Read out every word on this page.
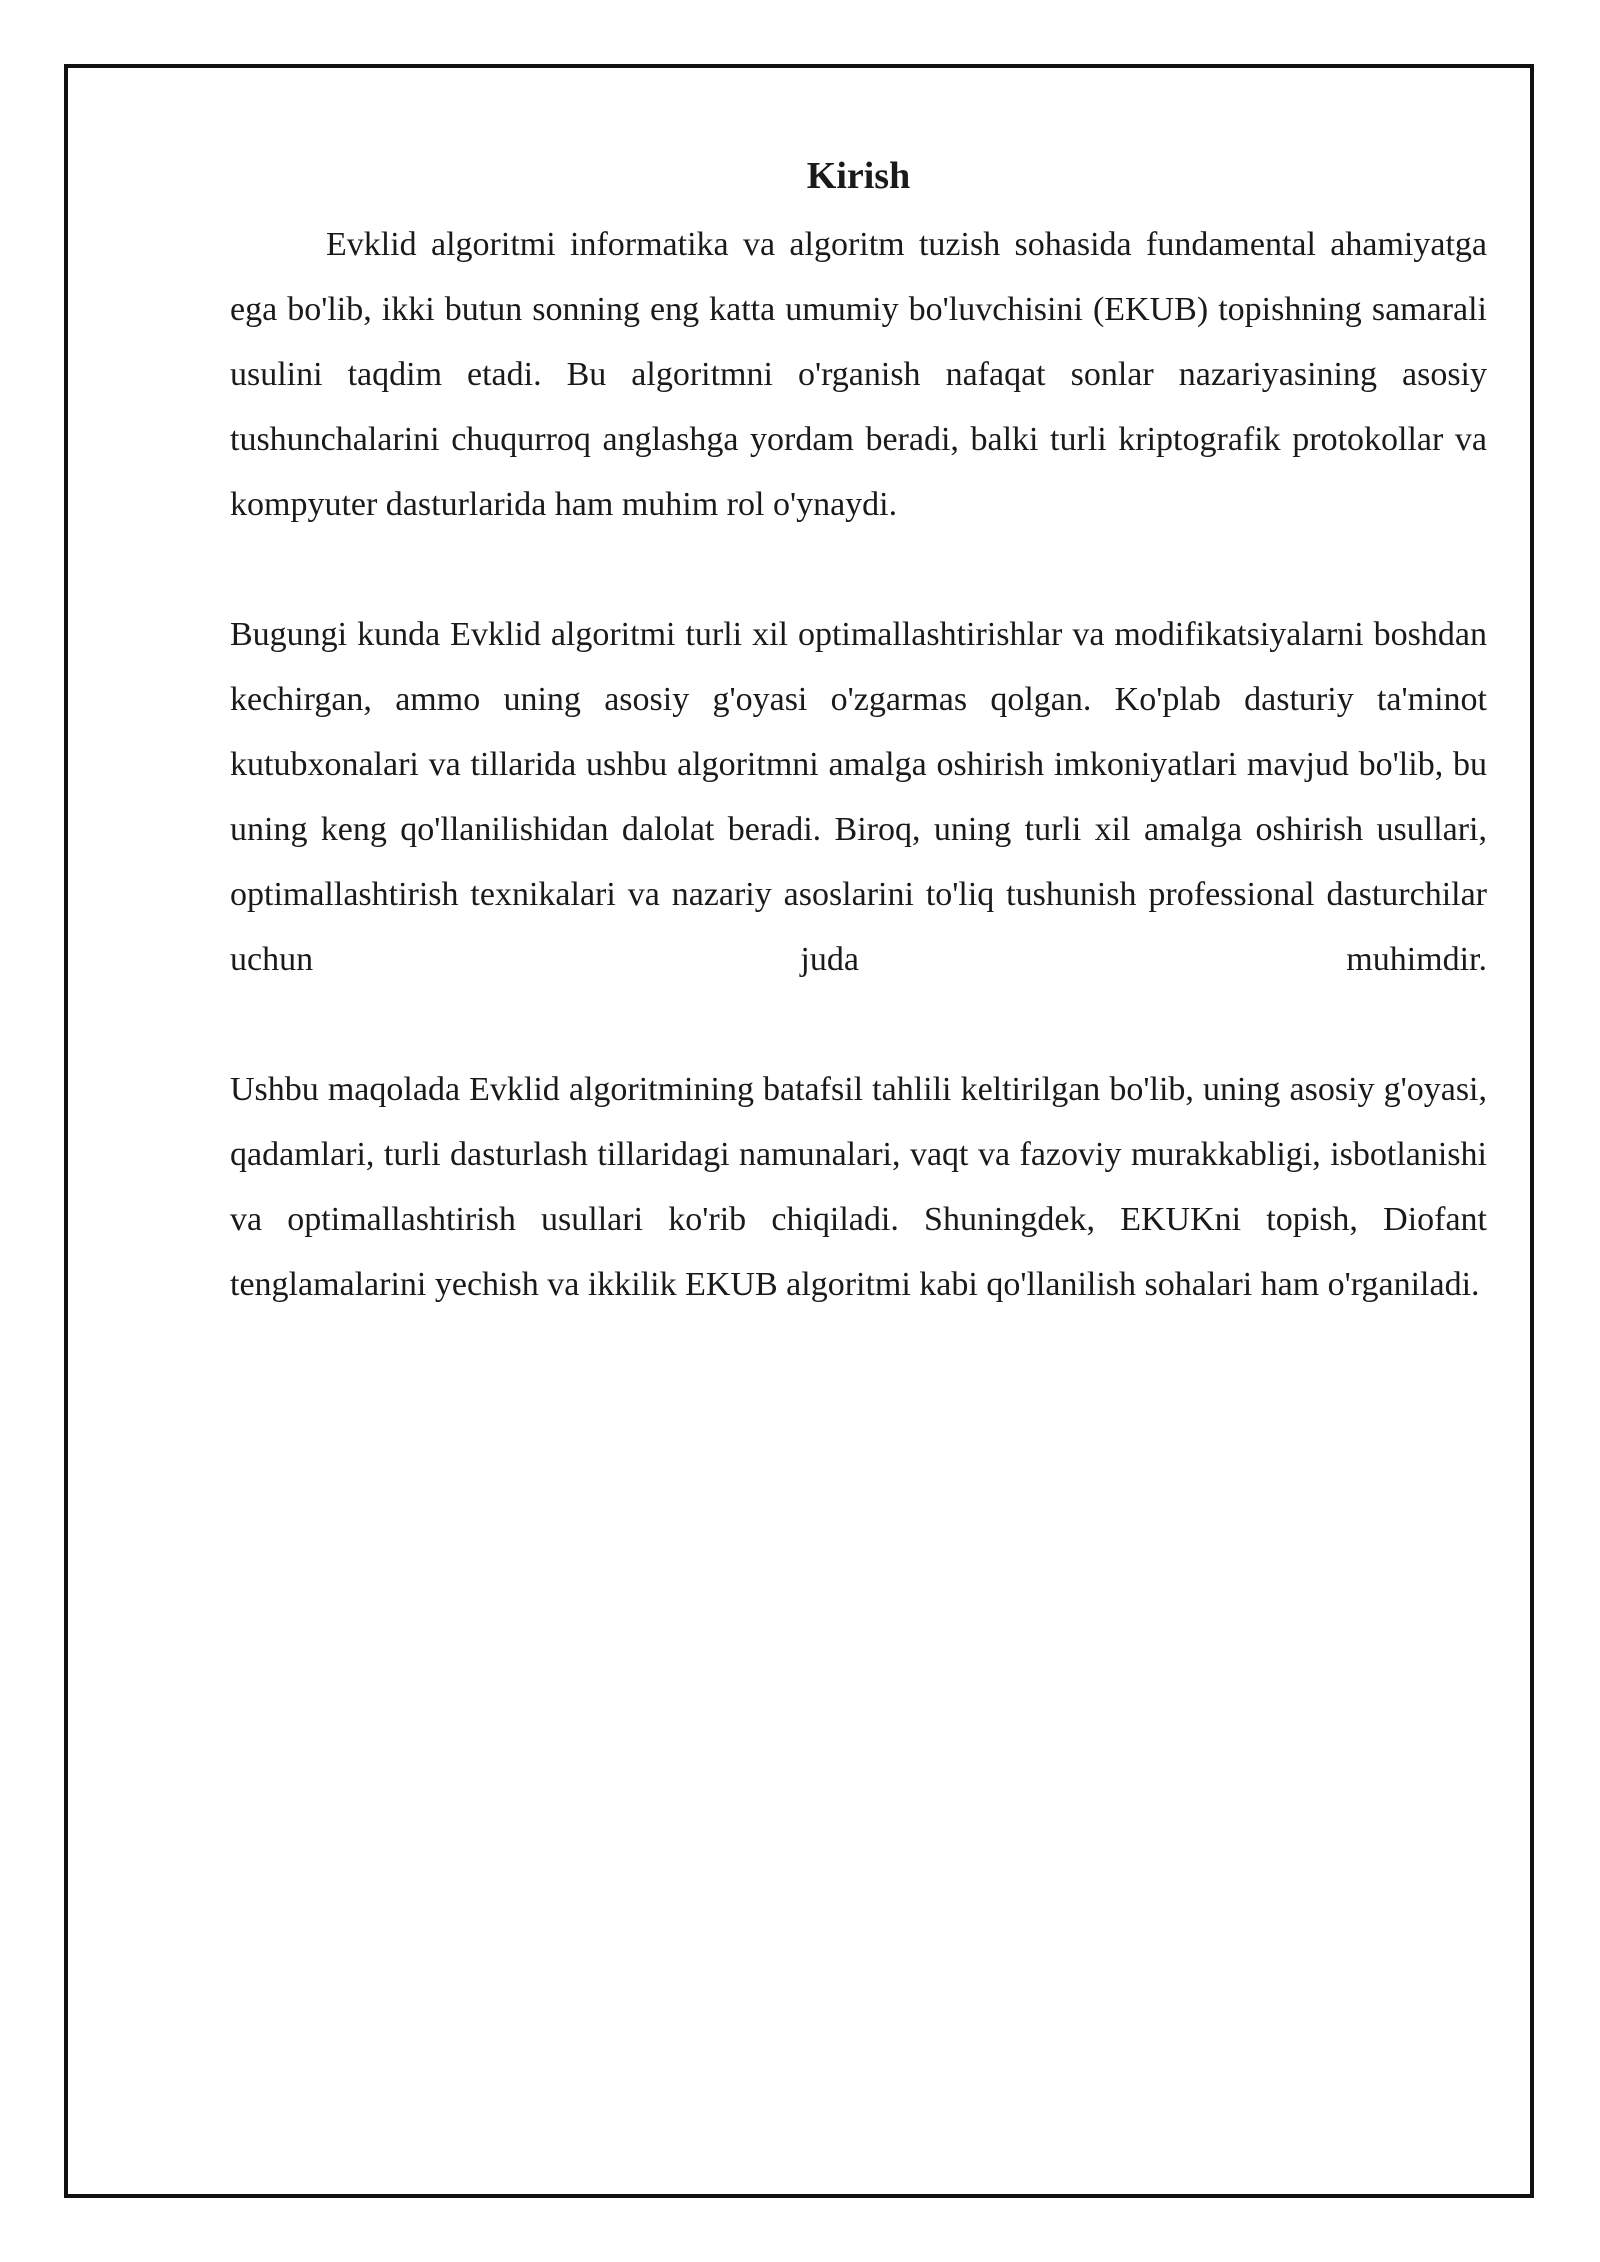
Kirish

Evklid algoritmi informatika va algoritm tuzish sohasida fundamental ahamiyatga ega bo'lib, ikki butun sonning eng katta umumiy bo'luvchisini (EKUB) topishning samarali usulini taqdim etadi. Bu algoritmni o'rganish nafaqat sonlar nazariyasining asosiy tushunchalarini chuqurroq anglashga yordam beradi, balki turli kriptografik protokollar va kompyuter dasturlarida ham muhim rol o'ynaydi.

Bugungi kunda Evklid algoritmi turli xil optimallashtirishlar va modifikatsiyalarni boshdan kechirgan, ammo uning asosiy g'oyasi o'zgarmas qolgan. Ko'plab dasturiy ta'minot kutubxonalari va tillarida ushbu algoritmni amalga oshirish imkoniyatlari mavjud bo'lib, bu uning keng qo'llanilishidan dalolat beradi. Biroq, uning turli xil amalga oshirish usullari, optimallashtirish texnikalari va nazariy asoslarini to'liq tushunish professional dasturchilar uchun juda muhimdir.

Ushbu maqolada Evklid algoritmining batafsil tahlili keltirilgan bo'lib, uning asosiy g'oyasi, qadamlari, turli dasturlash tillaridagi namunalari, vaqt va fazoviy murakkabligi, isbotlanishi va optimallashtirish usullari ko'rib chiqiladi. Shuningdek, EKUKni topish, Diofant tenglamalarini yechish va ikkilik EKUB algoritmi kabi qo'llanilish sohalari ham o'rganiladi.
